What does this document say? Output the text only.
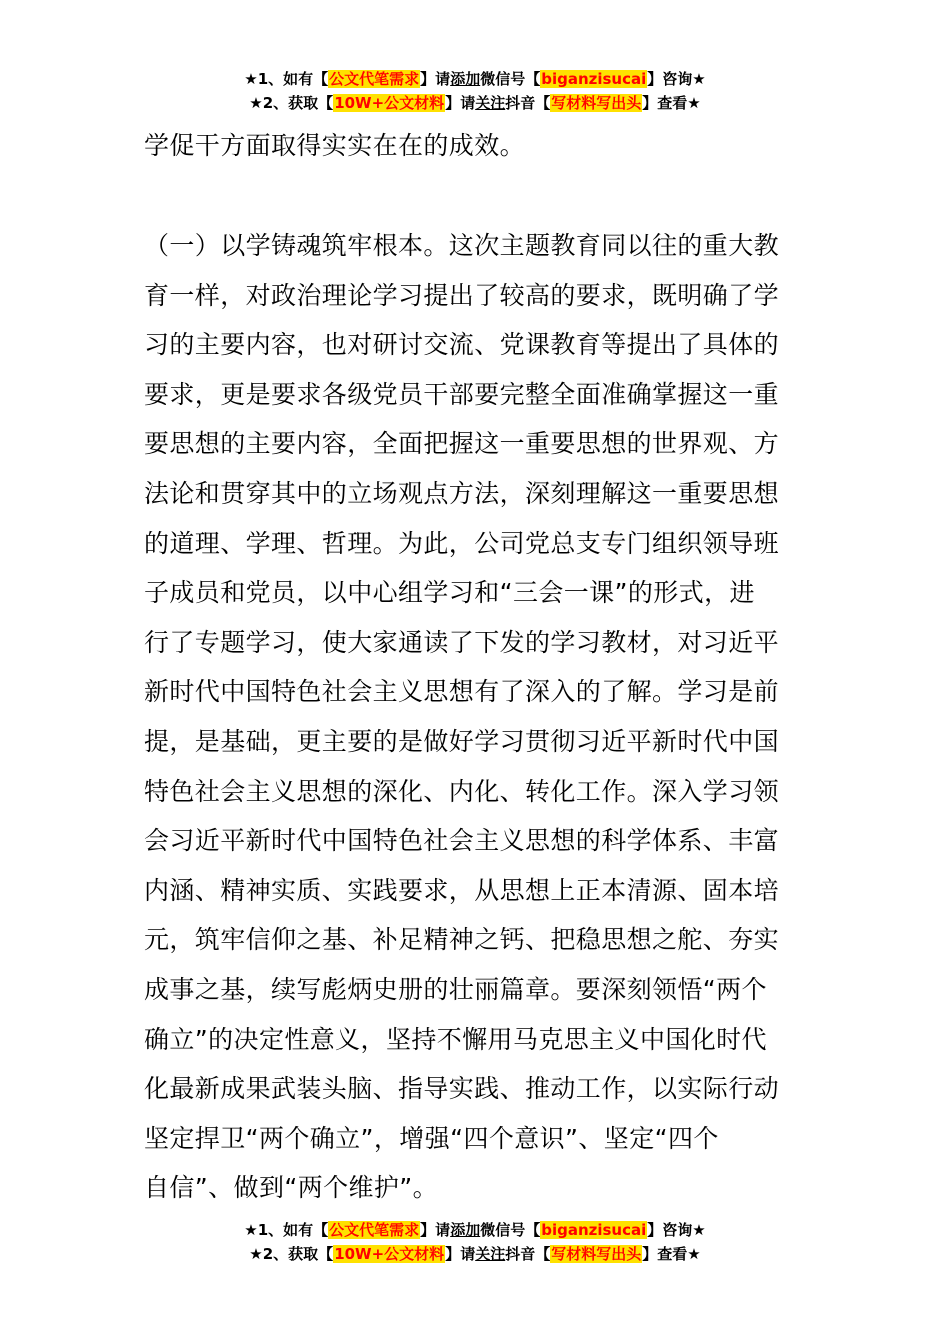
★1、如有【公文代笔需求】请添加微信号【biganzisucai】咨询★
★2、获取【10W+公文材料】请关注抖音【写材料写出头】查看★

学促干方面取得实实在在的成效。

（一）以学铸魂筑牢根本。这次主题教育同以往的重大教
育一样，对政治理论学习提出了较高的要求，既明确了学
习的主要内容，也对研讨交流、党课教育等提出了具体的
要求，更是要求各级党员干部要完整全面准确掌握这一重
要思想的主要内容，全面把握这一重要思想的世界观、方
法论和贯穿其中的立场观点方法，深刻理解这一重要思想
的道理、学理、哲理。为此，公司党总支专门组织领导班
子成员和党员，以中心组学习和“三会一课”的形式，进
行了专题学习，使大家通读了下发的学习教材，对习近平
新时代中国特色社会主义思想有了深入的了解。学习是前
提，是基础，更主要的是做好学习贯彻习近平新时代中国
特色社会主义思想的深化、内化、转化工作。深入学习领
会习近平新时代中国特色社会主义思想的科学体系、丰富
内涵、精神实质、实践要求，从思想上正本清源、固本培
元，筑牢信仰之基、补足精神之钙、把稳思想之舵、夯实
成事之基，续写彪炳史册的壮丽篇章。要深刻领悟“两个
确立”的决定性意义，坚持不懈用马克思主义中国化时代
化最新成果武装头脑、指导实践、推动工作，以实际行动
坚定捍卫“两个确立”，增强“四个意识”、坚定“四个
自信”、做到“两个维护”。

★1、如有【公文代笔需求】请添加微信号【biganzisucai】咨询★
★2、获取【10W+公文材料】请关注抖音【写材料写出头】查看★
